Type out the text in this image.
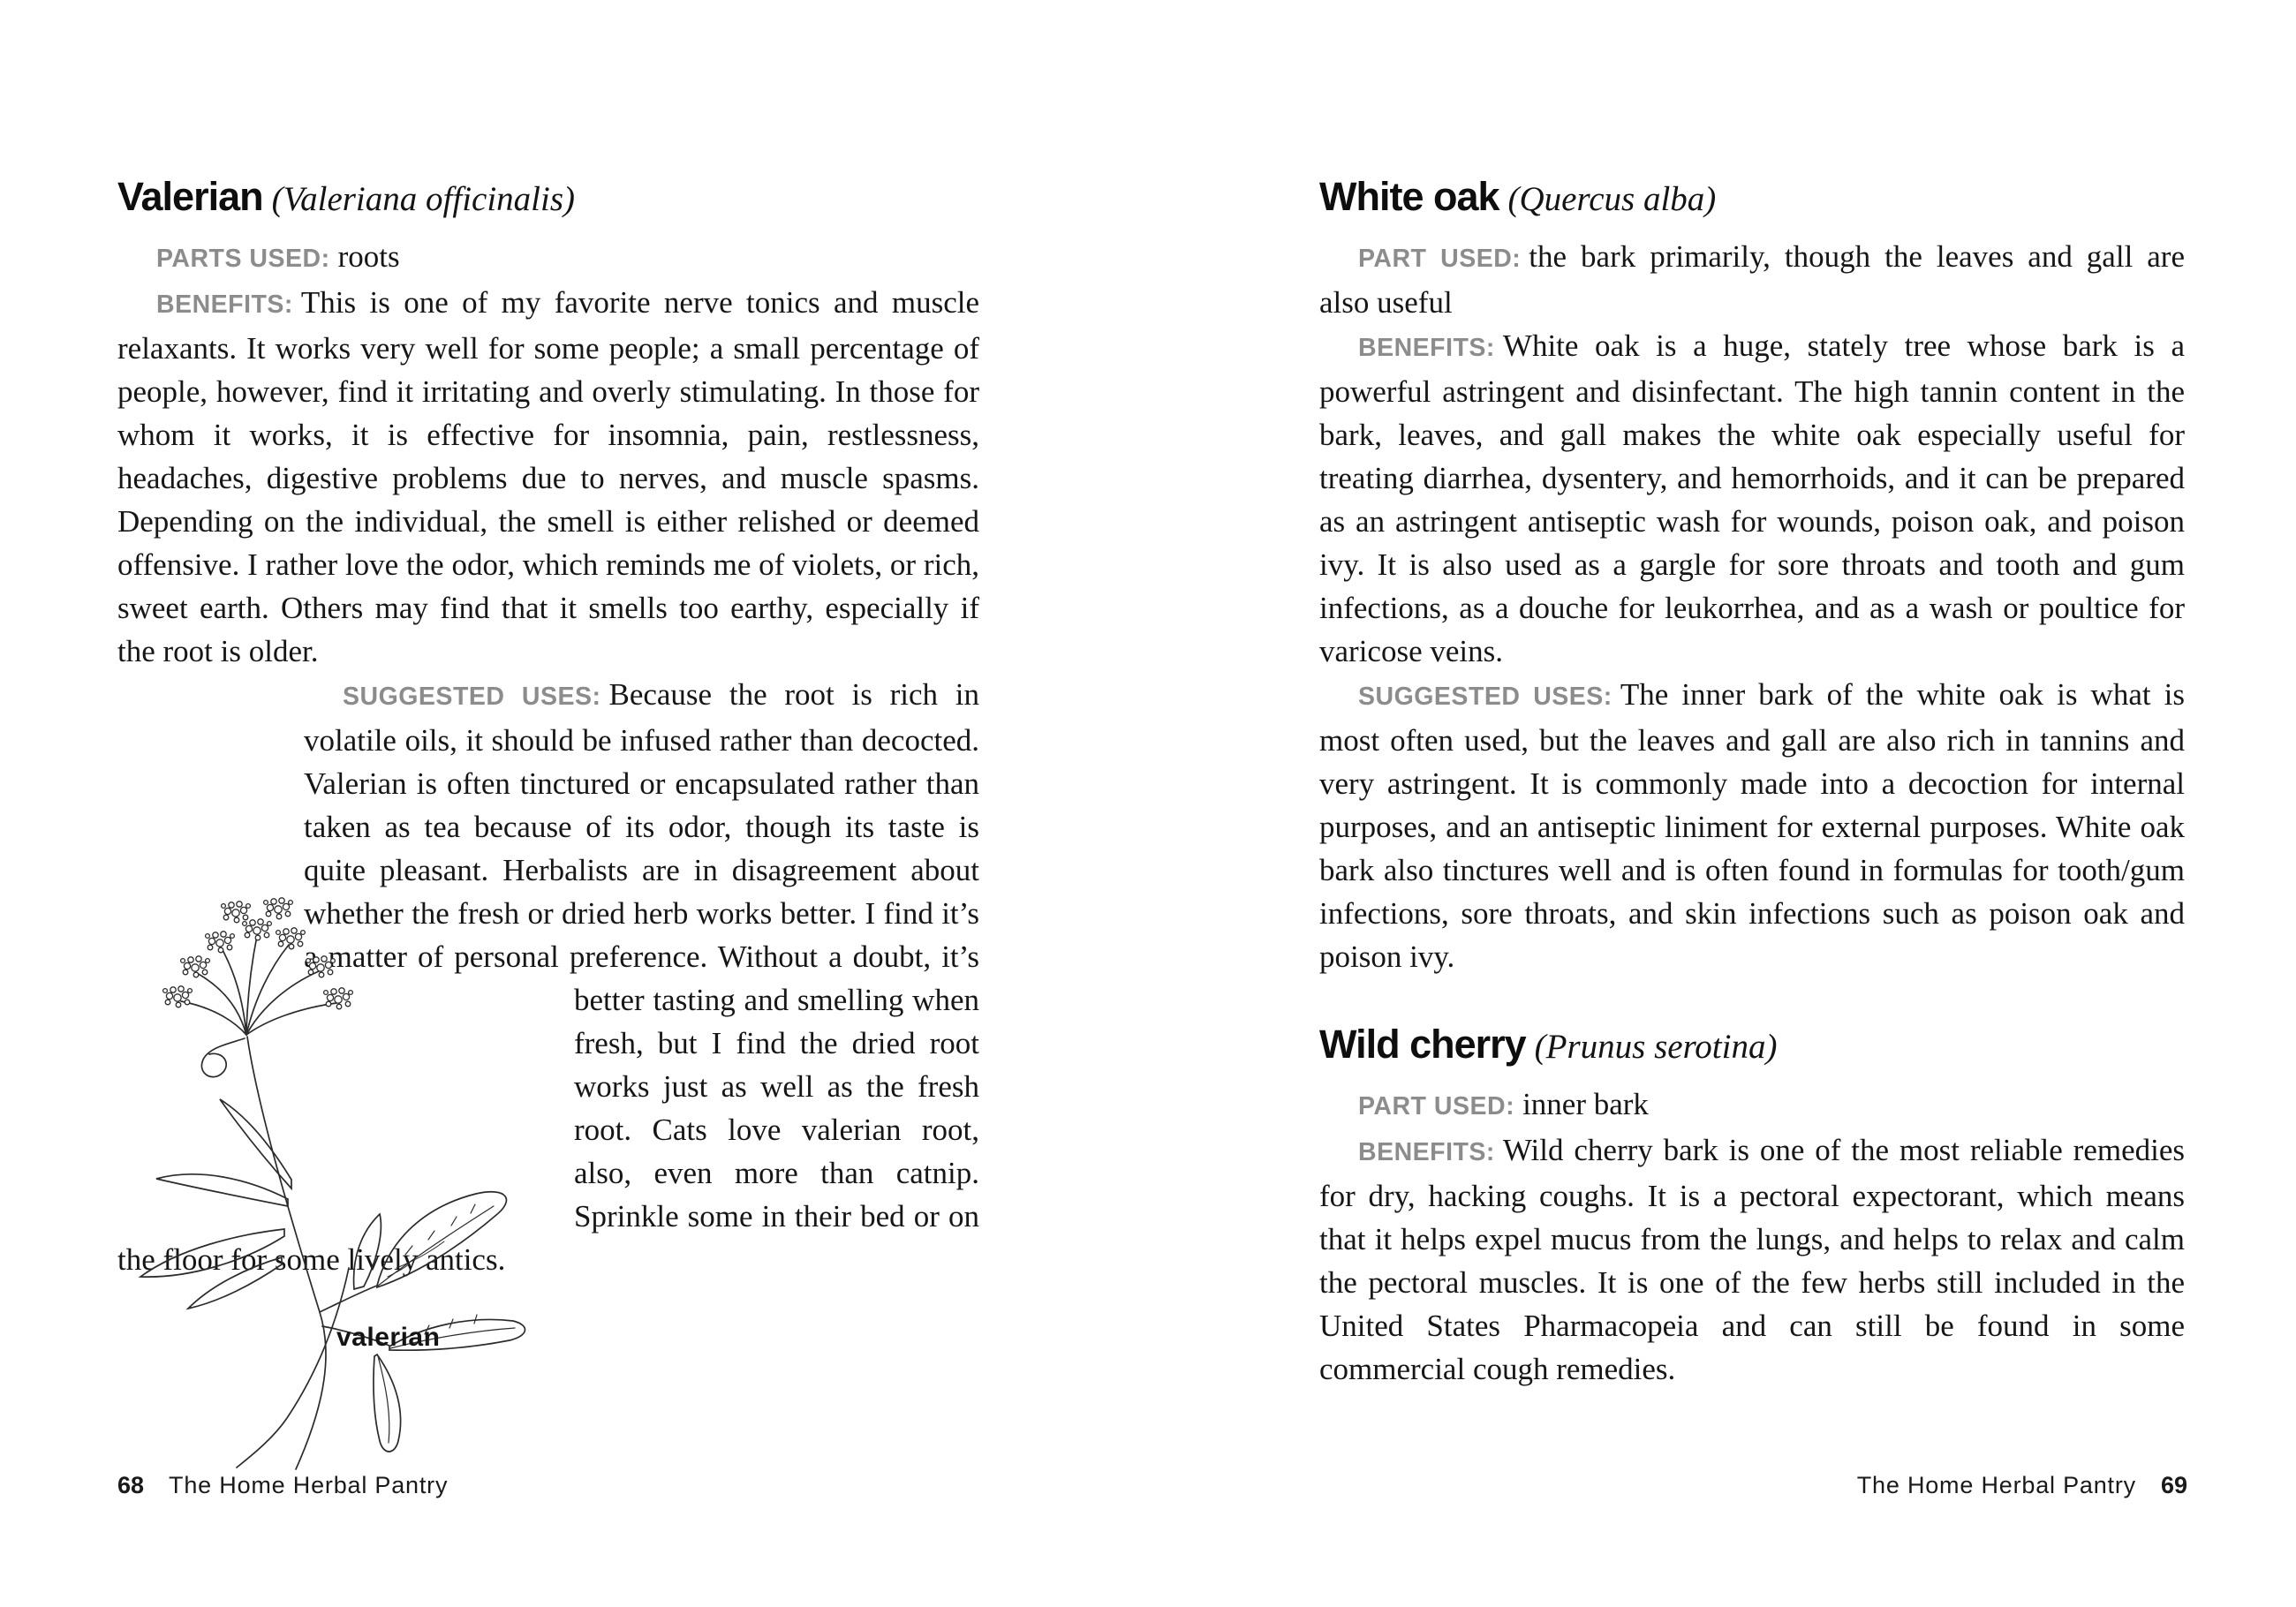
Valerian (Valeriana officinalis)

PARTS USED: roots

BENEFITS: This is one of my favorite nerve tonics and muscle relaxants. It works very well for some people; a small percentage of people, however, find it irritating and overly stimulating. In those for whom it works, it is effective for insomnia, pain, restlessness, headaches, digestive problems due to nerves, and muscle spasms. Depending on the individual, the smell is either relished or deemed offensive. I rather love the odor, which reminds me of violets, or rich, sweet earth. Others may find that it smells too earthy, especially if the root is older.

SUGGESTED USES: Because the root is rich in volatile oils, it should be infused rather than decocted. Valerian is often tinctured or encapsulated rather than taken as tea because of its odor, though its taste is quite pleasant. Herbalists are in disagreement about whether the fresh or dried herb works better. I find it’s a matter of personal preference. Without a doubt, it’s better tasting and smelling when fresh, but I find the dried root works just as well as the fresh root. Cats love valerian root, also, even more than catnip. Sprinkle some in their bed or on the floor for some lively antics.

valerian
White oak (Quercus alba)

PART USED: the bark primarily, though the leaves and gall are also useful

BENEFITS: White oak is a huge, stately tree whose bark is a powerful astringent and disinfectant. The high tannin content in the bark, leaves, and gall makes the white oak especially useful for treating diarrhea, dysentery, and hemorrhoids, and it can be prepared as an astringent antiseptic wash for wounds, poison oak, and poison ivy. It is also used as a gargle for sore throats and tooth and gum infections, as a douche for leukorrhea, and as a wash or poultice for varicose veins.

SUGGESTED USES: The inner bark of the white oak is what is most often used, but the leaves and gall are also rich in tannins and very astringent. It is commonly made into a decoction for internal purposes, and an antiseptic liniment for external purposes. White oak bark also tinctures well and is often found in formulas for tooth/gum infections, sore throats, and skin infections such as poison oak and poison ivy.

Wild cherry (Prunus serotina)

PART USED: inner bark

BENEFITS: Wild cherry bark is one of the most reliable remedies for dry, hacking coughs. It is a pectoral expectorant, which means that it helps expel mucus from the lungs, and helps to relax and calm the pectoral muscles. It is one of the few herbs still included in the United States Pharmacopeia and can still be found in some commercial cough remedies.

68 The Home Herbal Pantry	The Home Herbal Pantry 69
